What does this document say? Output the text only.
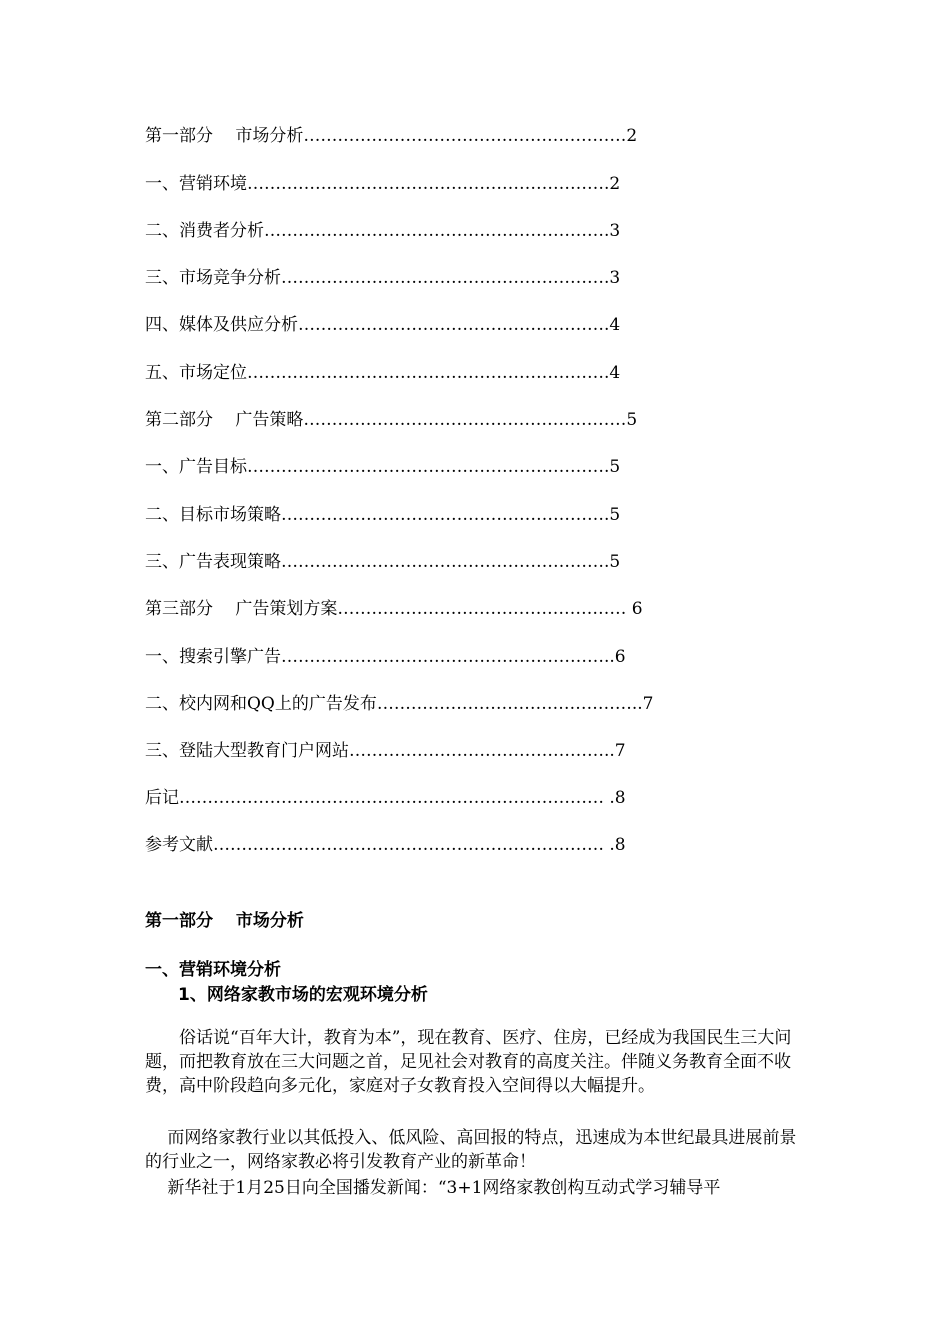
第一部分　 市场分析…………………………………………………2
一、营销环境……………………………………………………….2
二、消费者分析…………………………………………………….3
三、市场竞争分析………………………………………………….3
四、媒体及供应分析……………………………………………….4
五、市场定位……………………………………………………….4
第二部分　 广告策略…………………………………………………5
一、广告目标……………………………………………………….5
二、目标市场策略………………………………………………….5
三、广告表现策略………………………………………………….5
第三部分　 广告策划方案…………………………………………… 6
一、搜索引擎广告…………………………………………………..6
二、校内网和QQ上的广告发布………………………………………..7
三、登陆大型教育门户网站………………………………………..7
后记………………………………………………………………… .8
参考文献…………………………………………………………… .8
第一部分　 市场分析
一、营销环境分析
1、网络家教市场的宏观环境分析

　　俗话说“百年大计，教育为本”，现在教育、医疗、住房，已经成为我国民生三大问题，而把教育放在三大问题之首，足见社会对教育的高度关注。伴随义务教育全面不收费，高中阶段趋向多元化，家庭对子女教育投入空间得以大幅提升。

　 而网络家教行业以其低投入、低风险、高回报的特点，迅速成为本世纪最具进展前景的行业之一，网络家教必将引发教育产业的新革命！

　 新华社于1月25日向全国播发新闻：“3+1网络家教创构互动式学习辅导平
